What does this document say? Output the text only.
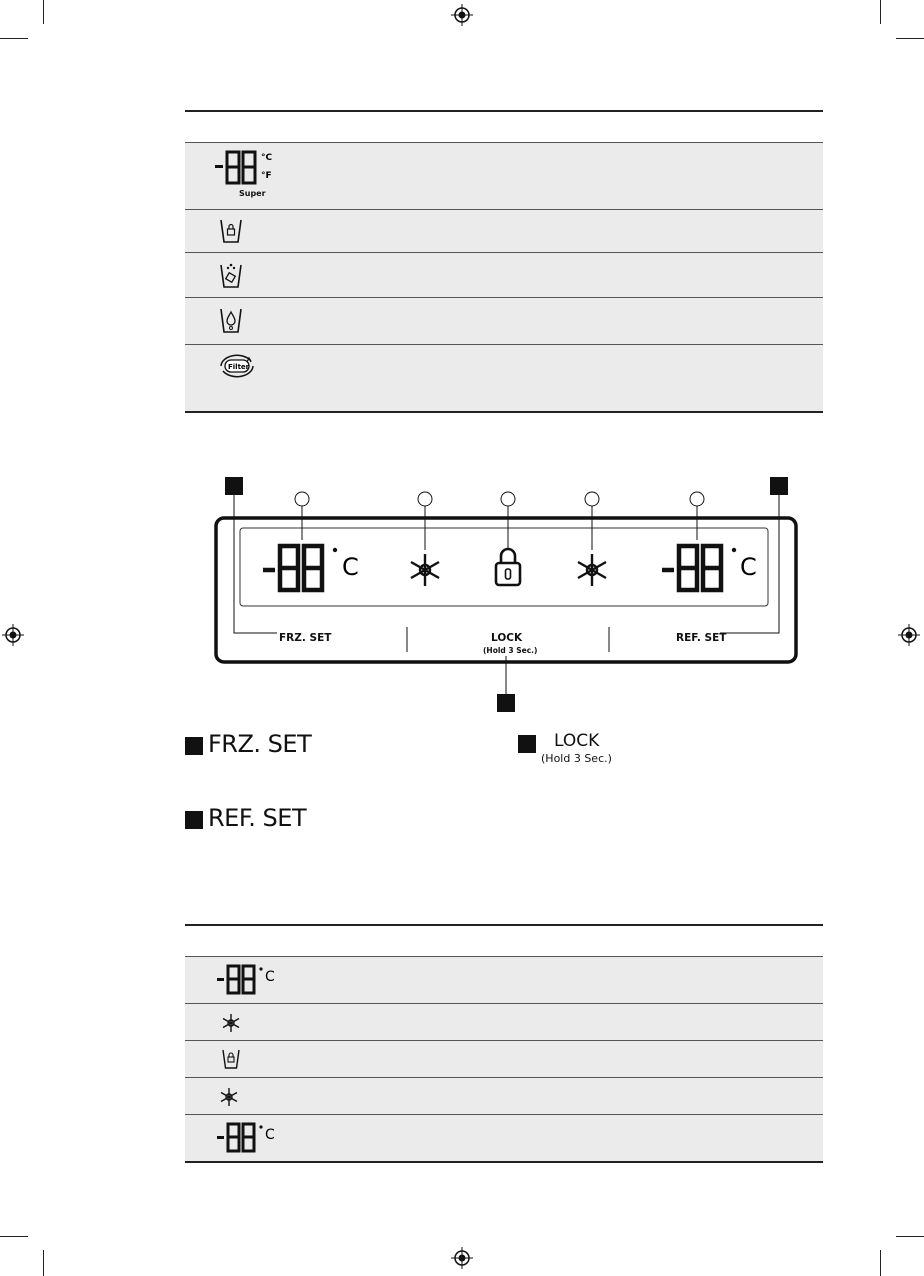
°C
°F
Super
Filter
C	C
FRZ. SET	LOCK
(Hold 3 Sec.)
REF. SET
FRZ. SET	LOCK
(Hold 3 Sec.)
REF. SET
C
C
